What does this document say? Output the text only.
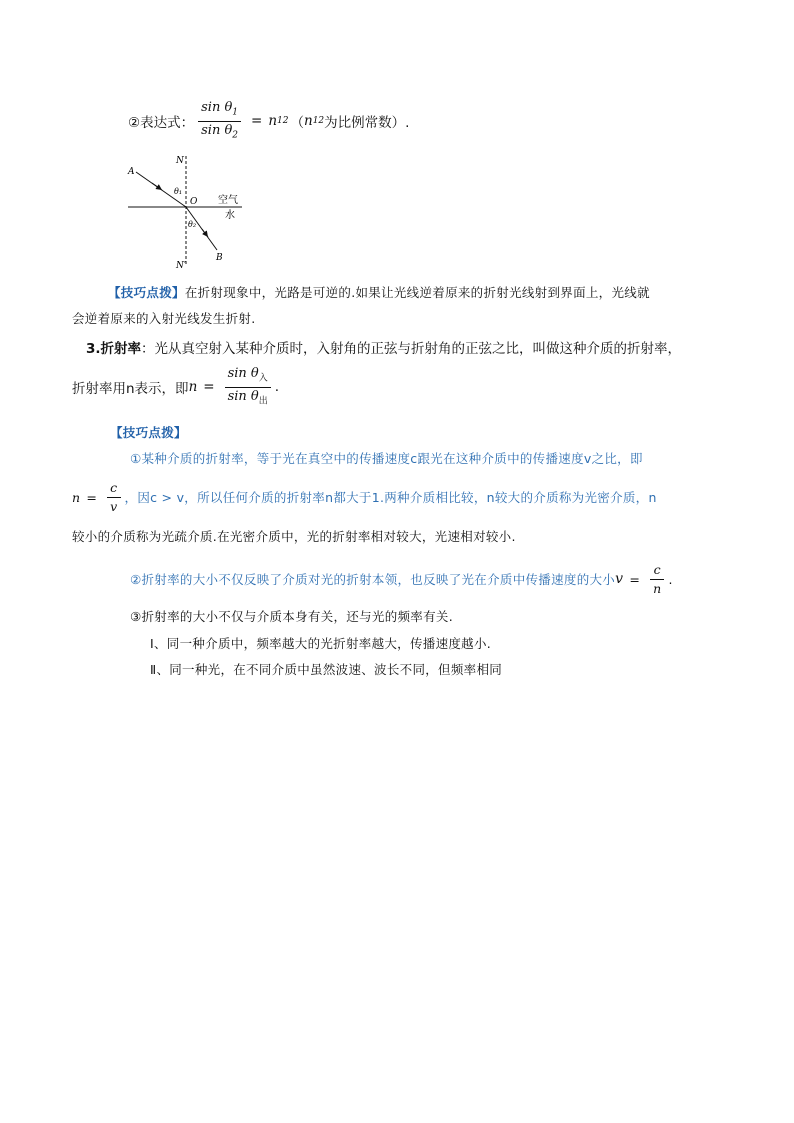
②表达式： $\frac{\sin \theta_1}{\sin \theta_2} = n$ 12 （ n 12 为比例常数）.
A
N
θ₁
O 空气
水
θ₂
B
N′
【技巧点拨】在折射现象中，光路是可逆的.如果让光线逆着原来的折射光线射到界面上，光线就
会逆着原来的入射光线发生折射.
3.折射率：光从真空射入某种介质时，入射角的正弦与折射角的正弦之比，叫做这种介质的折射率，
折射率用n表示，即 $n = \frac{\sin \theta_入}{\sin \theta_出}$ .
【技巧点拨】
①某种介质的折射率，等于光在真空中的传播速度c跟光在这种介质中的传播速度v之比，即
$n = \frac{c}{v}$ ，因c > v，所以任何介质的折射率n都大于1.两种介质相比较，n较大的介质称为光密介质，n
较小的介质称为光疏介质.在光密介质中，光的折射率相对较大，光速相对较小.
②折射率的大小不仅反映了介质对光的折射本领，也反映了光在介质中传播速度的大小 $v = \frac{c}{n}$ .
③折射率的大小不仅与介质本身有关，还与光的频率有关.
Ⅰ、同一种介质中，频率越大的光折射率越大，传播速度越小.
Ⅱ、同一种光，在不同介质中虽然波速、波长不同，但频率相同
